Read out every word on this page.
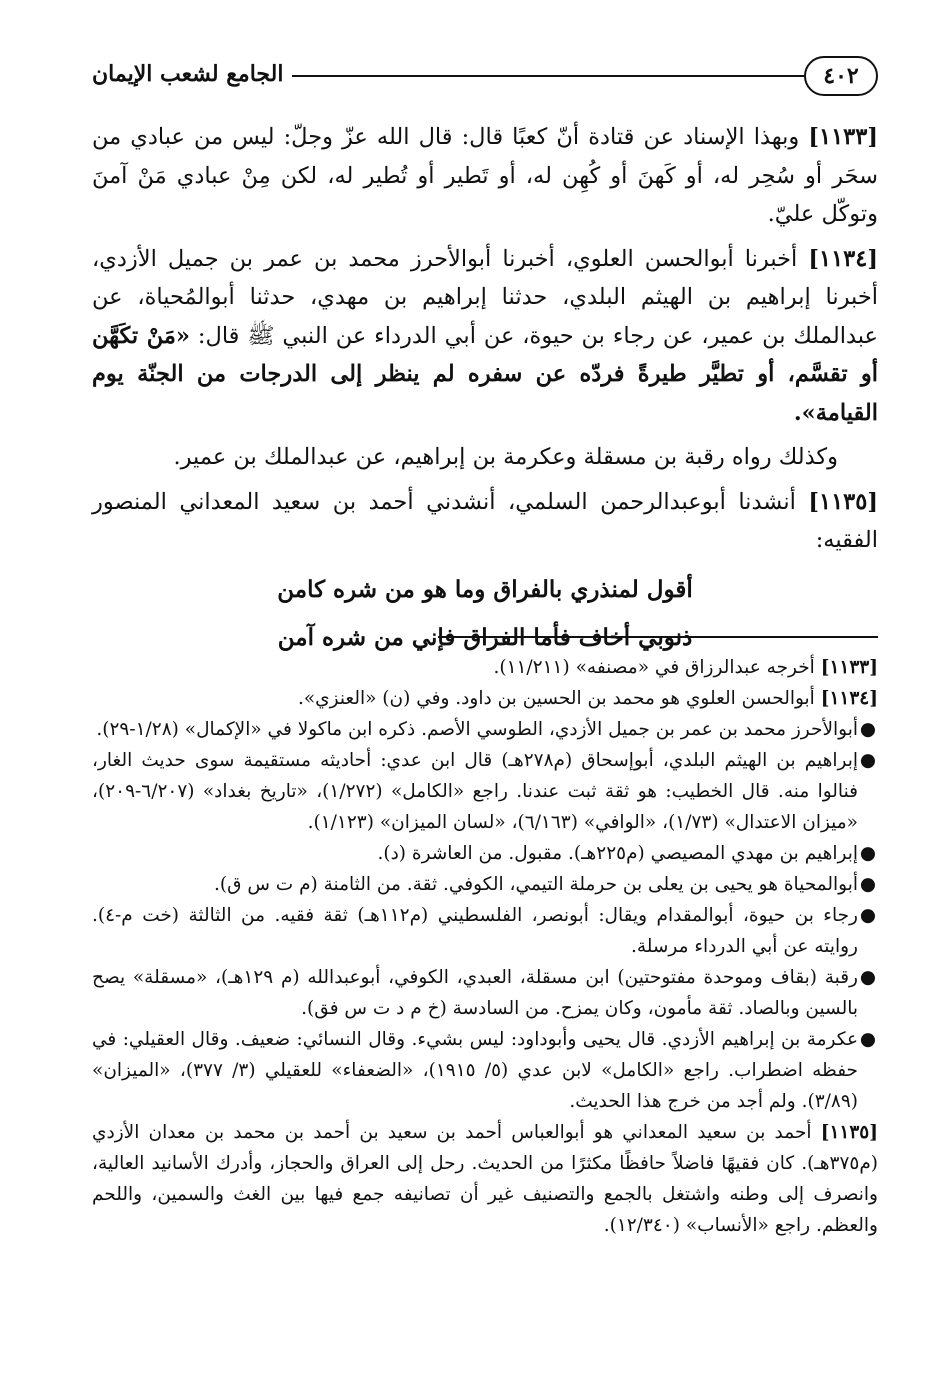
٤٠٢
الجامع لشعب الإيمان

[١١٣٣] وبهذا الإسناد عن قتادة أنّ كعبًا قال: قال الله عزّ وجلّ: ليس من عبادي من سحَر أو سُحِر له، أو كَهنَ أو كُهِن له، أو تَطير أو تُطير له، لكن مِنْ عبادي مَنْ آمنَ وتوكّل عليّ.

[١١٣٤] أخبرنا أبوالحسن العلوي، أخبرنا أبوالأحرز محمد بن عمر بن جميل الأزدي، أخبرنا إبراهيم بن الهيثم البلدي، حدثنا إبراهيم بن مهدي، حدثنا أبوالمُحياة، عن عبدالملك بن عمير، عن رجاء بن حيوة، عن أبي الدرداء عن النبي ﷺ قال: «مَنْ تكَهَّن أو تقسَّم، أو تطيَّر طيرةً فردّه عن سفره لم ينظر إلى الدرجات من الجنّة يوم القيامة».

وكذلك رواه رقبة بن مسقلة وعكرمة بن إبراهيم، عن عبدالملك بن عمير.

[١١٣٥] أنشدنا أبوعبدالرحمن السلمي، أنشدني أحمد بن سعيد المعداني المنصور الفقيه:

أقول لمنذري بالفراق وما هو من شره كامن

ذنوبي أخاف فأما الفراق فإني من شره آمن

[١١٣٣] أخرجه عبدالرزاق في «مصنفه» (١١/٢١١).

[١١٣٤] أبوالحسن العلوي هو محمد بن الحسين بن داود. وفي (ن) «العنزي».

●
أبوالأحرز محمد بن عمر بن جميل الأزدي، الطوسي الأصم. ذكره ابن ماكولا في «الإكمال» (١/٢٨-٢٩).
●
إبراهيم بن الهيثم البلدي، أبوإسحاق (م٢٧٨هـ) قال ابن عدي: أحاديثه مستقيمة سوى حديث الغار، فنالوا منه. قال الخطيب: هو ثقة ثبت عندنا. راجع «الكامل» (١/٢٧٢)، «تاريخ بغداد» (٦/٢٠٧-٢٠٩)، «ميزان الاعتدال» (١/٧٣)، «الوافي» (٦/١٦٣)، «لسان الميزان» (١/١٢٣).
●
إبراهيم بن مهدي المصيصي (م٢٢٥هـ). مقبول. من العاشرة (د).
●
أبوالمحياة هو يحيى بن يعلى بن حرملة التيمي، الكوفي. ثقة. من الثامنة (م ت س ق).
●
رجاء بن حيوة، أبوالمقدام ويقال: أبونصر، الفلسطيني (م١١٢هـ) ثقة فقيه. من الثالثة (خت م-٤). روايته عن أبي الدرداء مرسلة.
●
رقبة (بقاف وموحدة مفتوحتين) ابن مسقلة، العبدي، الكوفي، أبوعبدالله (م ١٢٩هـ)، «مسقلة» يصح بالسين وبالصاد. ثقة مأمون، وكان يمزح. من السادسة (خ م د ت س فق).
●
عكرمة بن إبراهيم الأزدي. قال يحيى وأبوداود: ليس بشيء. وقال النسائي: ضعيف. وقال العقيلي: في حفظه اضطراب. راجع «الكامل» لابن عدي (٥/ ١٩١٥)، «الضعفاء» للعقيلي (٣/ ٣٧٧)، «الميزان» (٣/٨٩). ولم أجد من خرج هذا الحديث.

[١١٣٥] أحمد بن سعيد المعداني هو أبوالعباس أحمد بن سعيد بن أحمد بن محمد بن معدان الأزدي (م٣٧٥هـ). كان فقيهًا فاضلاً حافظًا مكثرًا من الحديث. رحل إلى العراق والحجاز، وأدرك الأسانيد العالية، وانصرف إلى وطنه واشتغل بالجمع والتصنيف غير أن تصانيفه جمع فيها بين الغث والسمين، واللحم والعظم. راجع «الأنساب» (١٢/٣٤٠).
